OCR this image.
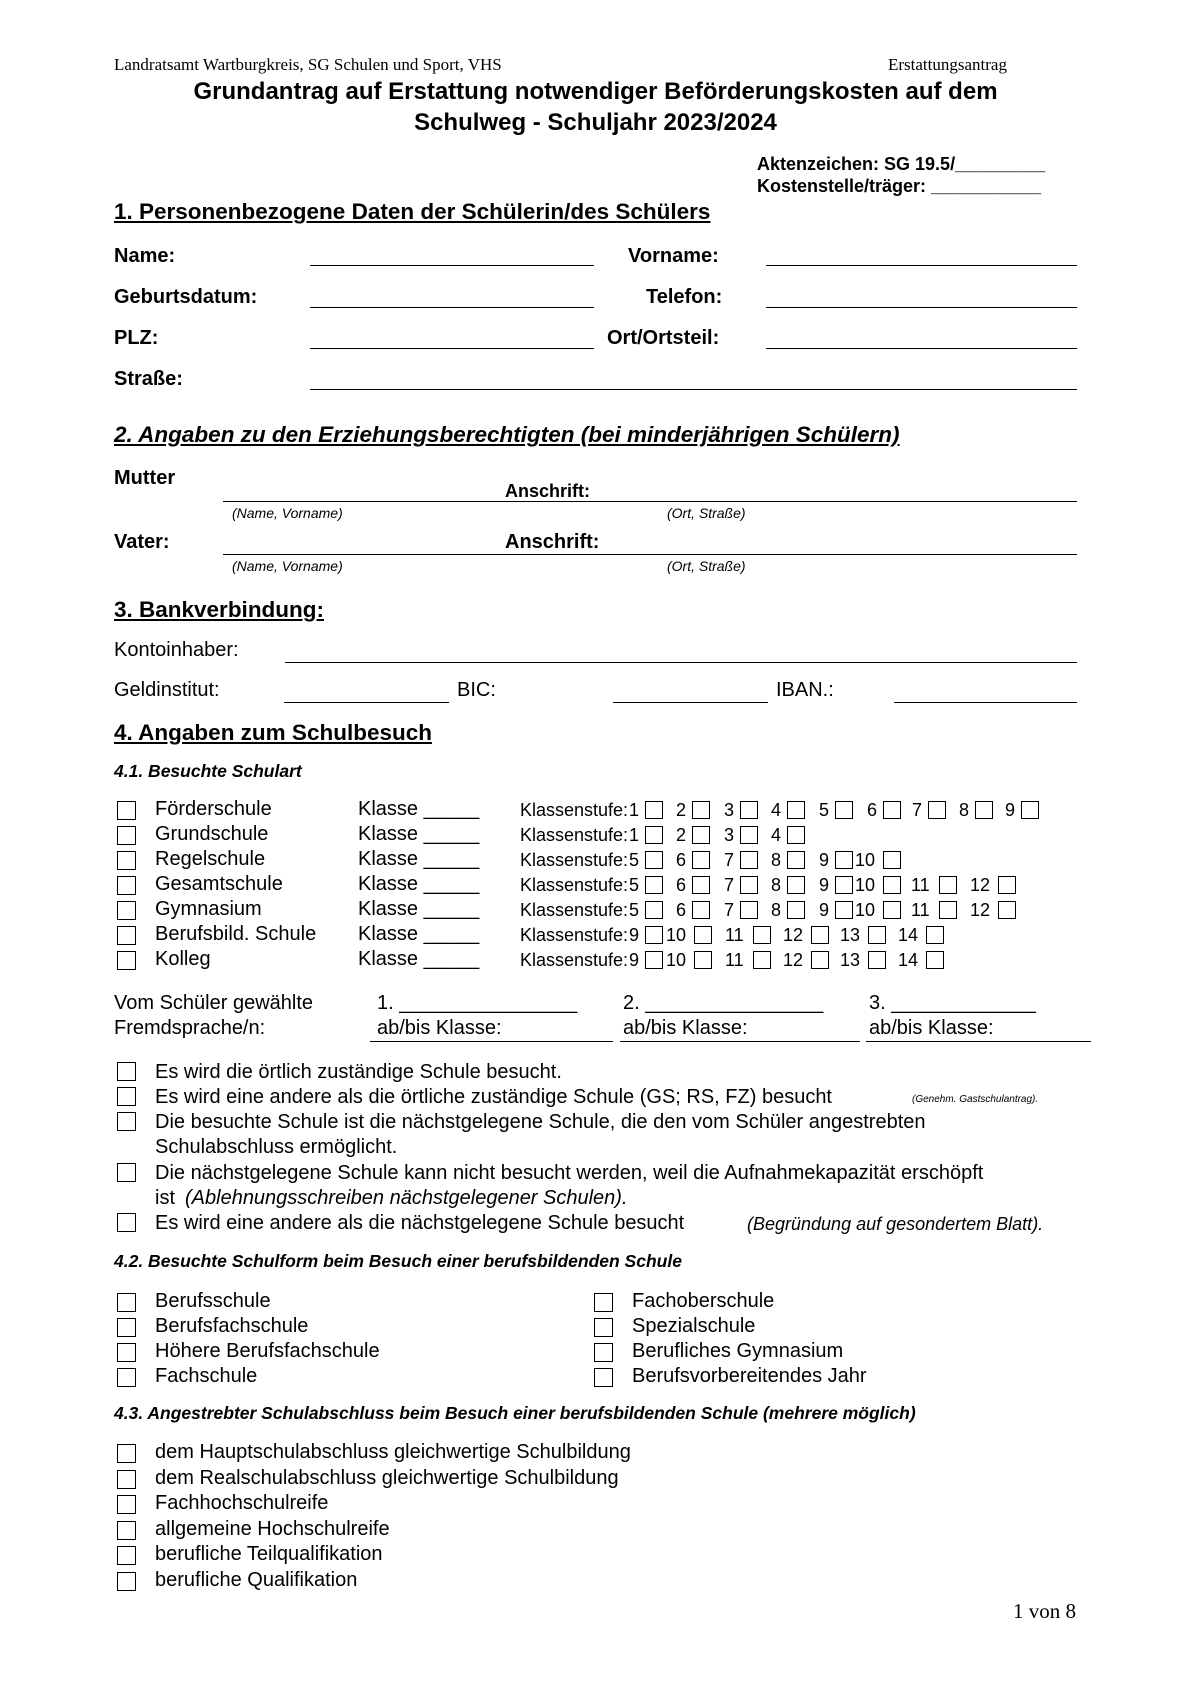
Landratsamt Wartburgkreis, SG Schulen und Sport, VHS	Erstattungsantrag
Grundantrag auf Erstattung notwendiger Beförderungskosten auf dem
Schulweg - Schuljahr 2023/2024
Aktenzeichen: SG 19.5/_________
Kostenstelle/träger: ___________
1. Personenbezogene Daten der Schülerin/des Schülers
Name:	Vorname:
Geburtsdatum:	Telefon:
PLZ:	Ort/Ortsteil:
Straße:
2. Angaben zu den Erziehungsberechtigten (bei minderjährigen Schülern)
Mutter
Anschrift:
(Name, Vorname)	(Ort, Straße)
Vater:	Anschrift:
(Name, Vorname)	(Ort, Straße)
3. Bankverbindung:
Kontoinhaber:
Geldinstitut:	BIC:	IBAN.:
4. Angaben zum Schulbesuch
4.1. Besuchte Schulart
Förderschule	Klasse _____ Klassenstufe: 1 2 3 4 5 6 7 8 9
Grundschule	Klasse _____ Klassenstufe: 1 2 3 4
Regelschule	Klasse _____ Klassenstufe: 5 6 7 8 9 10
Gesamtschule	Klasse _____ Klassenstufe: 5 6 7 8 9 10 11 12
Gymnasium	Klasse _____ Klassenstufe: 5 6 7 8 9 10 11 12
Berufsbild. Schule Klasse _____ Klassenstufe: 9 10 11 12 13 14
Kolleg	Klasse _____ Klassenstufe: 9 10 11 12 13 14
Vom Schüler gewählte
Fremdsprache/n:
1. ________________ 2. ________________ 3. _____________
ab/bis Klasse:	ab/bis Klasse:	ab/bis Klasse:
Es wird die örtlich zuständige Schule besucht.
Es wird eine andere als die örtliche zuständige Schule (GS; RS, FZ) besucht	(Genehm. Gastschulantrag).
Die besuchte Schule ist die nächstgelegene Schule, die den vom Schüler angestrebten
Schulabschluss ermöglicht.
Die nächstgelegene Schule kann nicht besucht werden, weil die Aufnahmekapazität erschöpft
ist (Ablehnungsschreiben nächstgelegener Schulen).
Es wird eine andere als die nächstgelegene Schule besucht	(Begründung auf gesondertem Blatt).
4.2. Besuchte Schulform beim Besuch einer berufsbildenden Schule
Berufsschule
Berufsfachschule
Höhere Berufsfachschule
Fachschule
Fachoberschule
Spezialschule
Berufliches Gymnasium
Berufsvorbereitendes Jahr
4.3. Angestrebter Schulabschluss beim Besuch einer berufsbildenden Schule (mehrere möglich)
dem Hauptschulabschluss gleichwertige Schulbildung
dem Realschulabschluss gleichwertige Schulbildung
Fachhochschulreife
allgemeine Hochschulreife
berufliche Teilqualifikation
berufliche Qualifikation
1 von 8
